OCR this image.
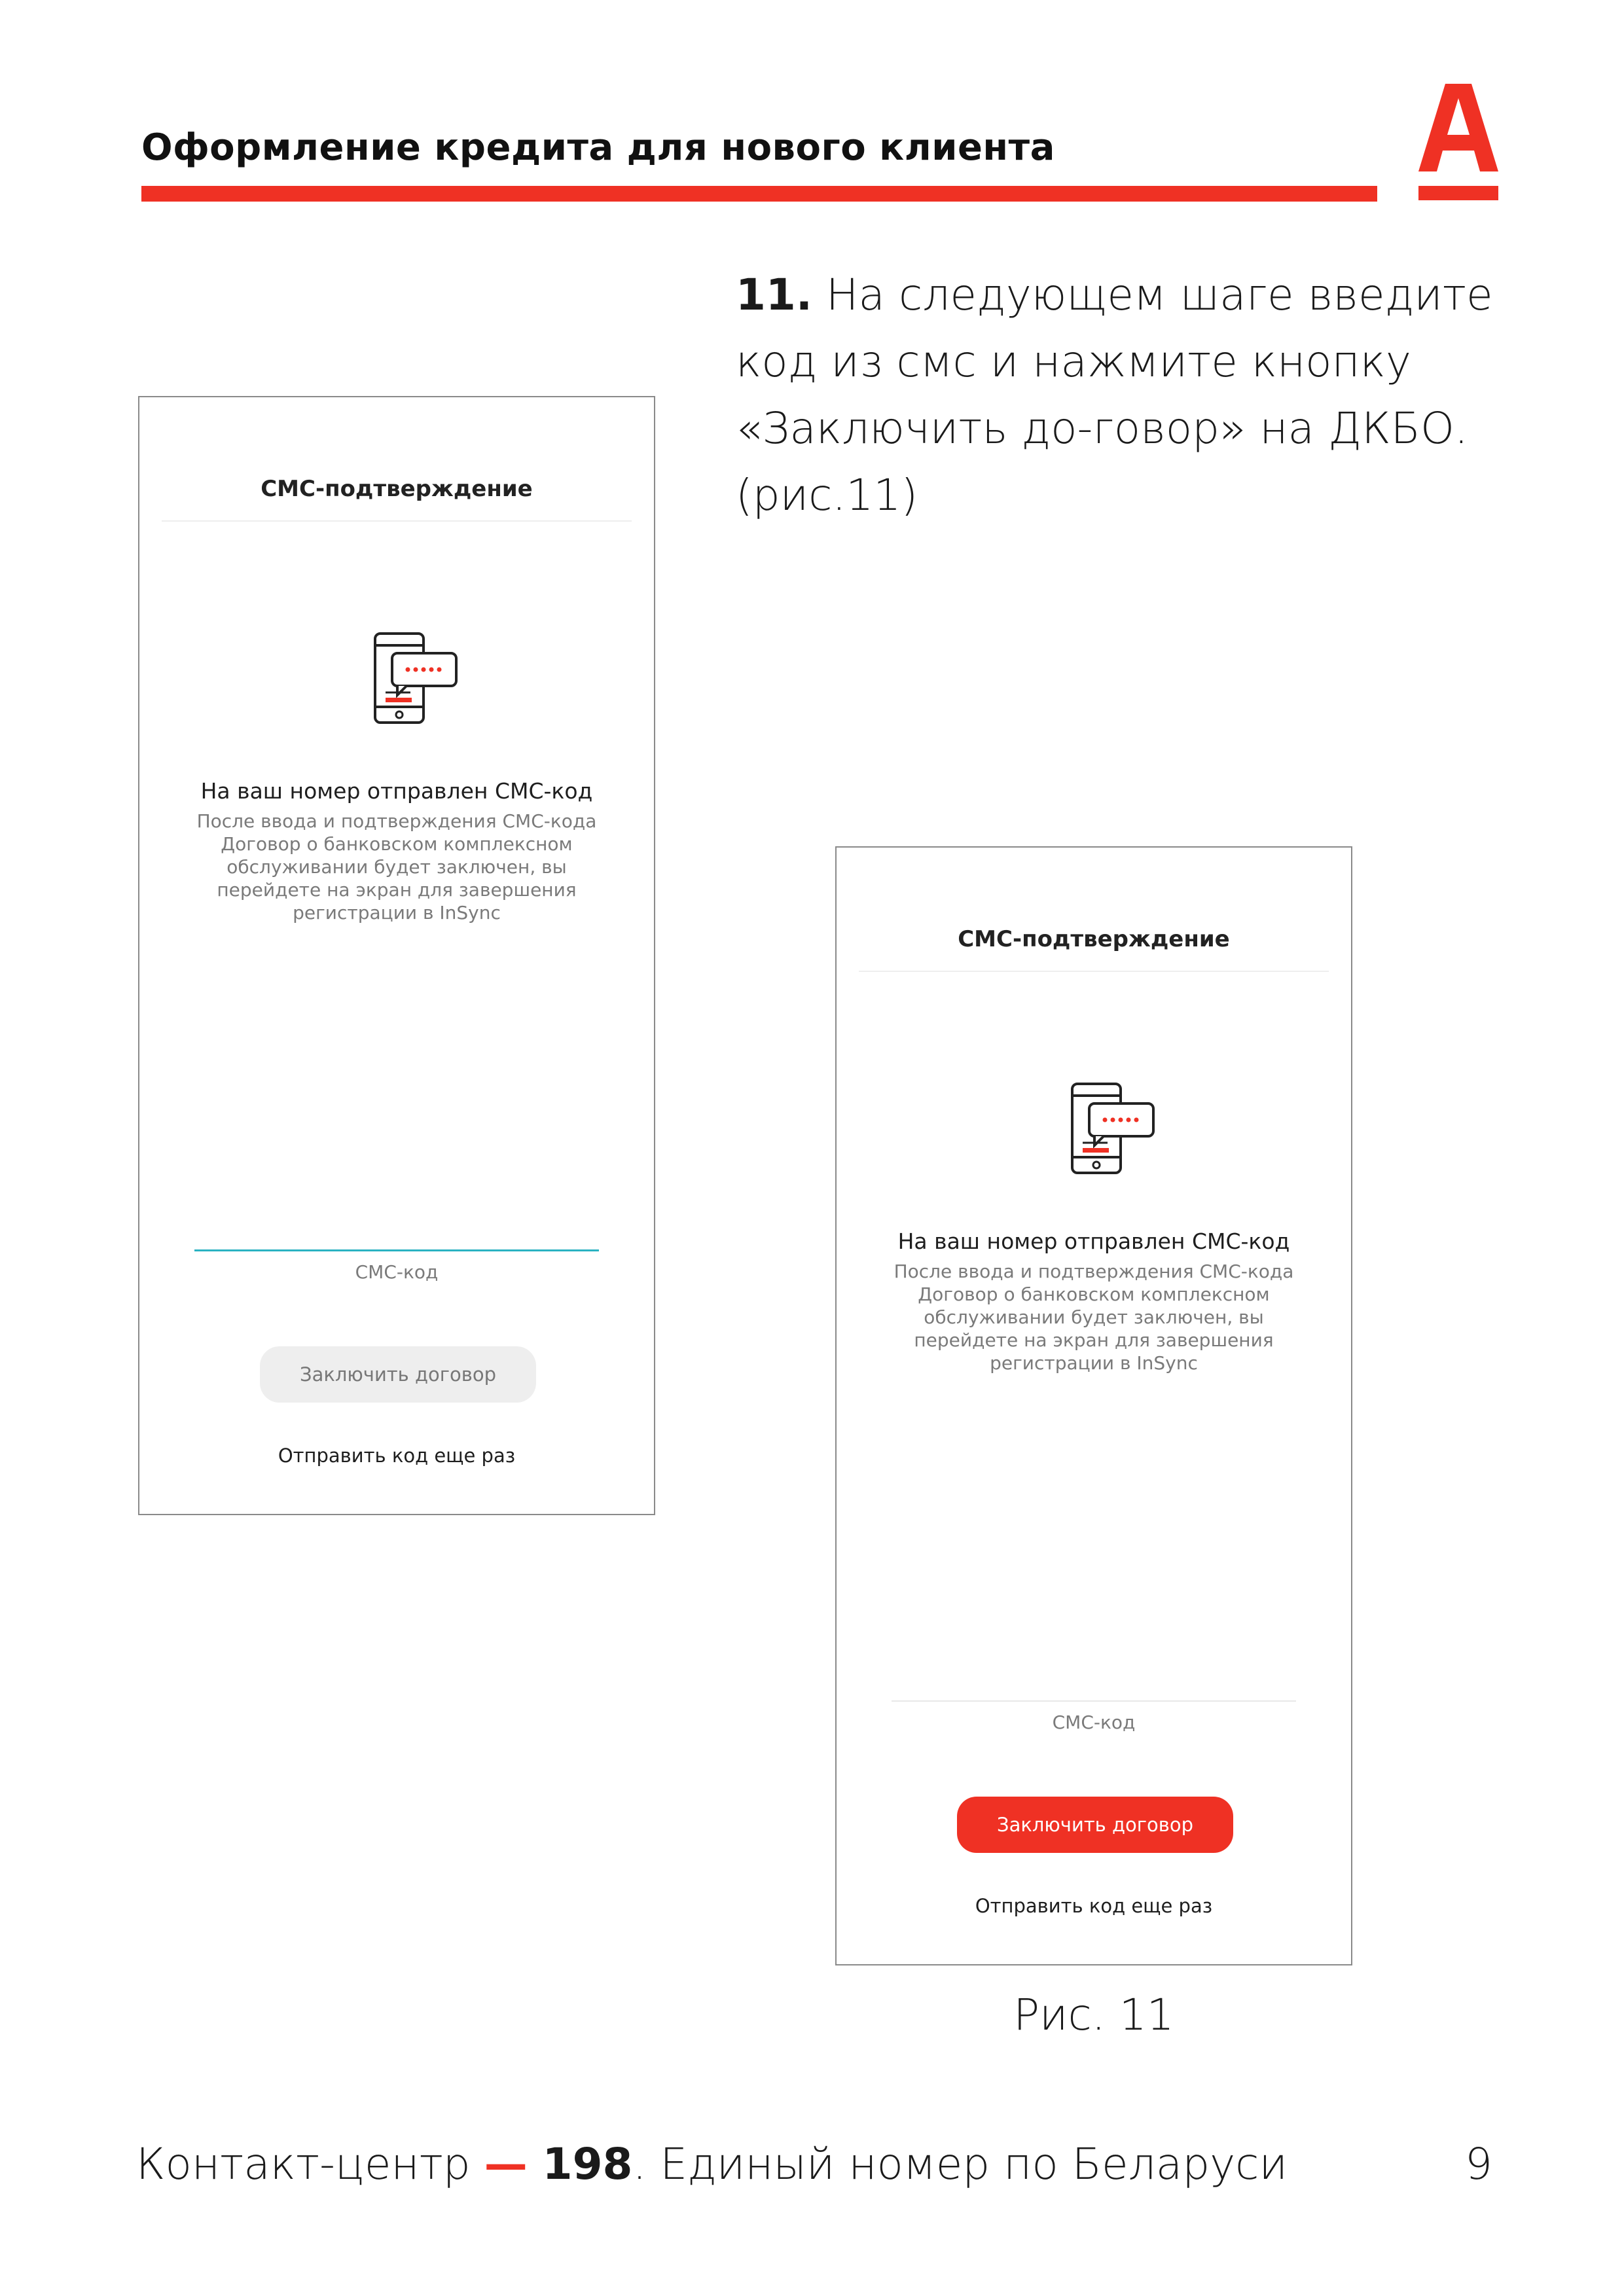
Оформление кредита для нового клиента
11. На следующем шаге введите код из смс и нажмите кнопку «Заключить до-говор» на ДКБО. (рис.11)
СМС-подтверждение
На ваш номер отправлен СМС-код
После ввода и подтверждения СМС-кода Договор о банковском комплексном обслуживании будет заключен, вы перейдете на экран для завершения регистрации в InSync
СМС-код
Заключить договор
Отправить код еще раз
СМС-подтверждение
На ваш номер отправлен СМС-код
После ввода и подтверждения СМС-кода Договор о банковском комплексном обслуживании будет заключен, вы перейдете на экран для завершения регистрации в InSync
СМС-код
Заключить договор
Отправить код еще раз
Рис. 11
Контакт-центр — 198. Единый номер по Беларуси	9
